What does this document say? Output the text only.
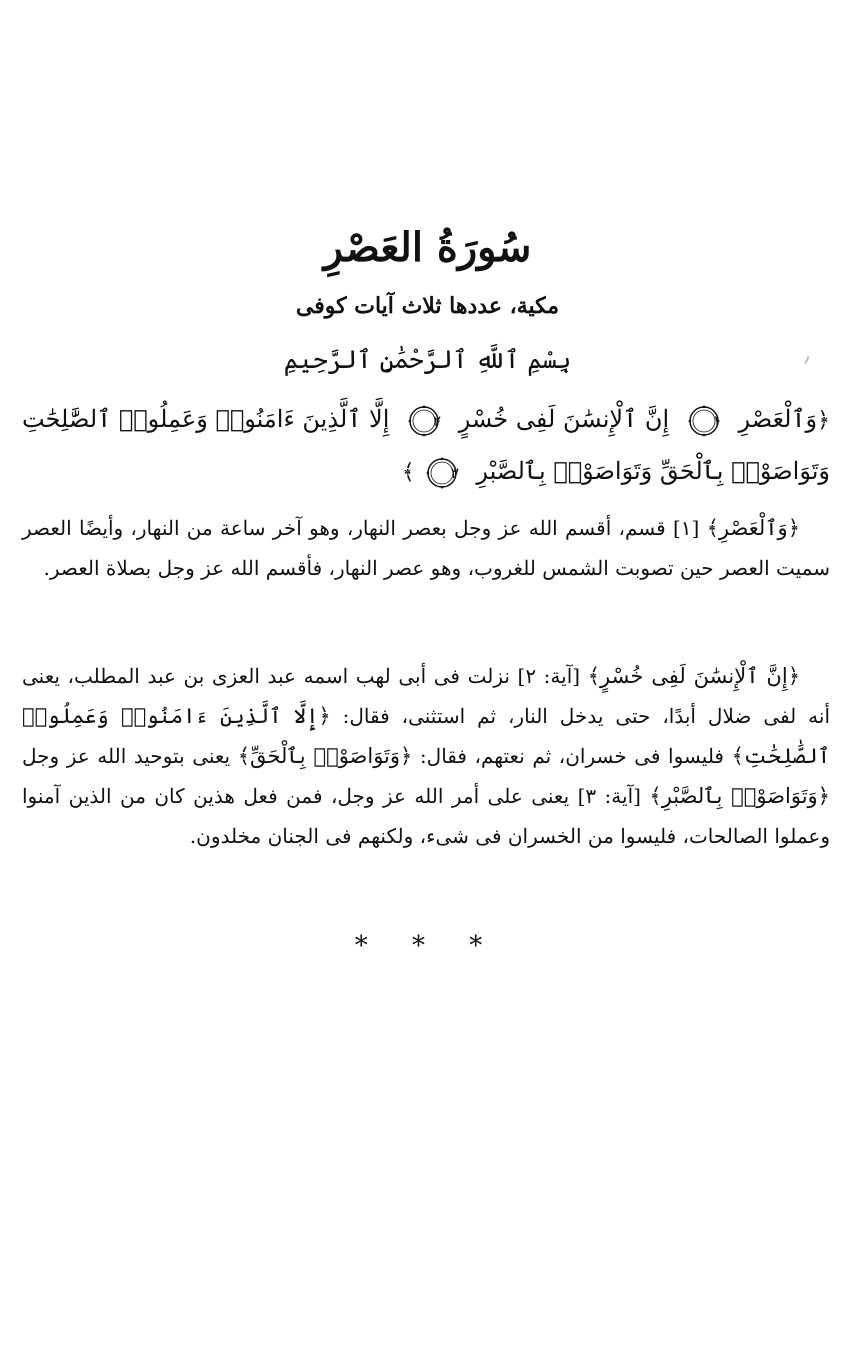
سُورَةُ العَصْرِ
مكية، عددها ثلاث آيات كوفى
بِسْمِ ٱللَّهِ ٱلرَّحْمَٰنِ ٱلرَّحِيمِ
﴿وَٱلْعَصْرِ
١
إِنَّ ٱلْإِنسَٰنَ لَفِى خُسْرٍ
٢
إِلَّا ٱلَّذِينَ ءَامَنُوا۟ وَعَمِلُوا۟ ٱلصَّٰلِحَٰتِ وَتَوَاصَوْا۟ بِٱلْحَقِّ وَتَوَاصَوْا۟ بِٱلصَّبْرِ
٣
﴾

﴿وَٱلْعَصْرِ﴾ [١] قسم، أقسم الله عز وجل بعصر النهار، وهو آخر ساعة من النهار، وأيضًا العصر سميت العصر حين تصوبت الشمس للغروب، وهو عصر النهار، فأقسم الله عز وجل بصلاة العصر.

﴿إِنَّ ٱلْإِنسَٰنَ لَفِى خُسْرٍ﴾ [آية: ٢] نزلت فى أبى لهب اسمه عبد العزى بن عبد المطلب، يعنى أنه لفى ضلال أبدًا، حتى يدخل النار، ثم استثنى، فقال: ﴿إِلَّا ٱلَّذِينَ ءَامَنُوا۟ وَعَمِلُوا۟ ٱلصَّٰلِحَٰتِ﴾ فليسوا فى خسران، ثم نعتهم، فقال: ﴿وَتَوَاصَوْا۟ بِٱلْحَقِّ﴾ يعنى بتوحيد الله عز وجل ﴿وَتَوَاصَوْا۟ بِٱلصَّبْرِ﴾ [آية: ٣] يعنى على أمر الله عز وجل، فمن فعل هذين كان من الذين آمنوا وعملوا الصالحات، فليسوا من الخسران فى شىء، ولكنهم فى الجنان مخلدون.

* * *
